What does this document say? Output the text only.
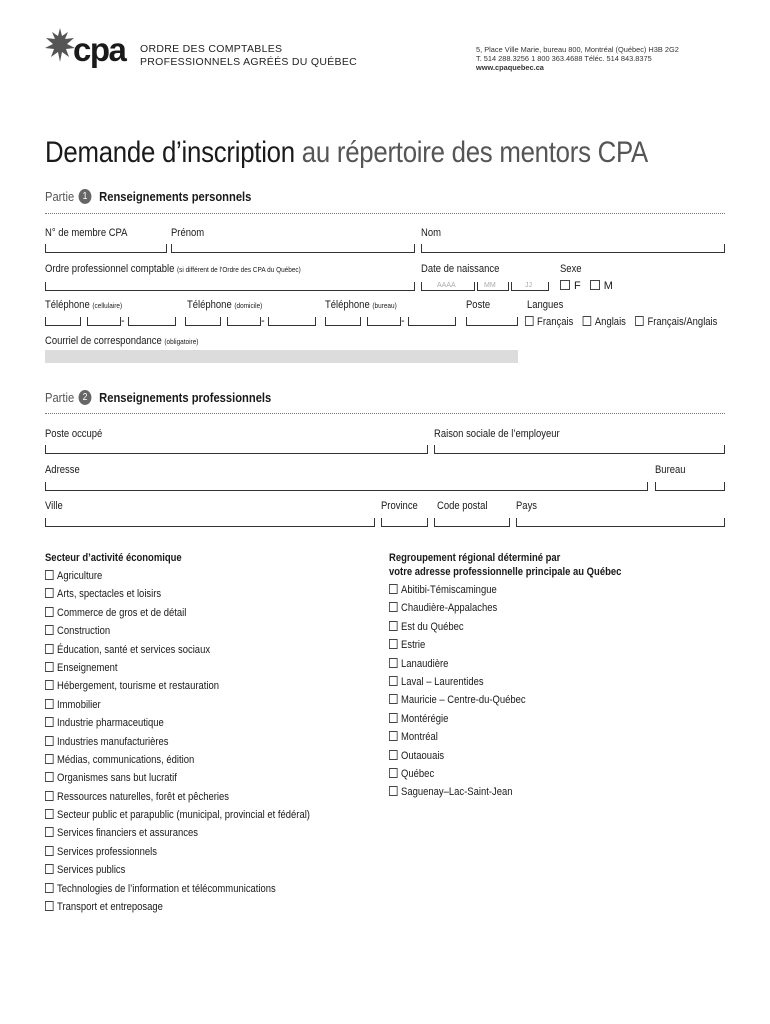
cpa ORDRE DES COMPTABLES
PROFESSIONNELS AGRÉÉS DU QUÉBEC
5, Place Ville Marie, bureau 800, Montréal (Québec) H3B 2G2
T. 514 288.3256 1 800 363.4688 Téléc. 514 843.8375
www.cpaquebec.ca
Demande d’inscription au répertoire des mentors CPA
Partie 1 Renseignements personnels
N° de membre CPA	Prénom	Nom
Ordre professionnel comptable (si différent de l’Ordre des CPA du Québec)	Date de naissance	Sexe
AAAA	MM	JJ	F M
Téléphone (cellulaire)	Téléphone (domicile)	Téléphone (bureau)	Poste	Langues
-	-	-	Français Anglais Français/Anglais
Courriel de correspondance (obligatoire)
Partie 2 Renseignements professionnels
Poste occupé	Raison sociale de l’employeur
Adresse	Bureau
Ville	Province Code postal	Pays
Secteur d’activité économique
Agriculture
Arts, spectacles et loisirs
Commerce de gros et de détail
Construction
Éducation, santé et services sociaux
Enseignement
Hébergement, tourisme et restauration
Immobilier
Industrie pharmaceutique
Industries manufacturières
Médias, communications, édition
Organismes sans but lucratif
Ressources naturelles, forêt et pêcheries
Secteur public et parapublic (municipal, provincial et fédéral)
Services financiers et assurances
Services professionnels
Services publics
Technologies de l’information et télécommunications
Transport et entreposage
Regroupement régional déterminé par
votre adresse professionnelle principale au Québec
Abitibi-Témiscamingue
Chaudière-Appalaches
Est du Québec
Estrie
Lanaudière
Laval – Laurentides
Mauricie – Centre-du-Québec
Montérégie
Montréal
Outaouais
Québec
Saguenay–Lac-Saint-Jean
